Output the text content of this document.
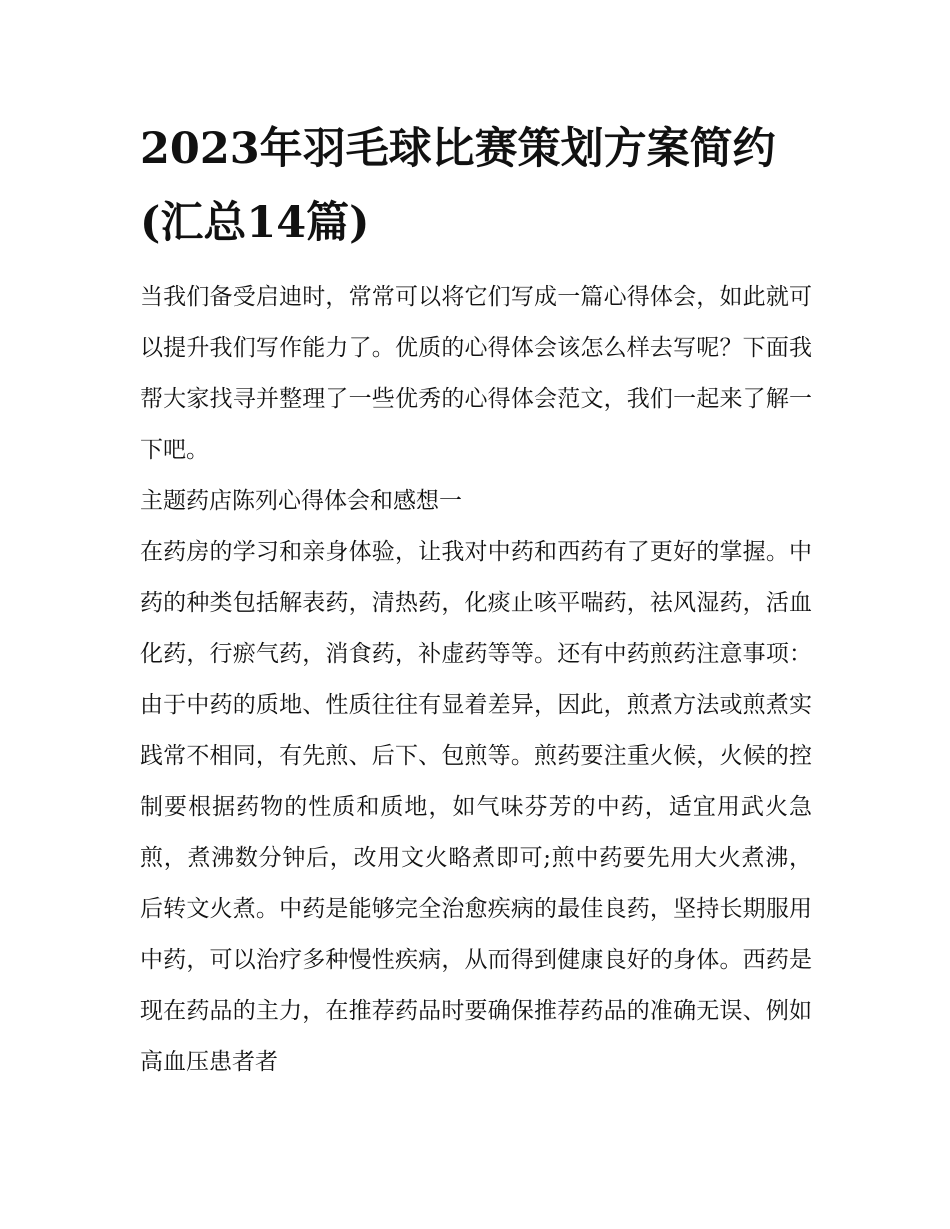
2023年羽毛球比赛策划方案简约(汇总14篇)

当我们备受启迪时，常常可以将它们写成一篇心得体会，如此就可以提升我们写作能力了。优质的心得体会该怎么样去写呢？下面我帮大家找寻并整理了一些优秀的心得体会范文，我们一起来了解一下吧。

主题药店陈列心得体会和感想一

在药房的学习和亲身体验，让我对中药和西药有了更好的掌握。中药的种类包括解表药，清热药，化痰止咳平喘药，祛风湿药，活血化药，行瘀气药，消食药，补虚药等等。还有中药煎药注意事项：由于中药的质地、性质往往有显着差异，因此，煎煮方法或煎煮实践常不相同，有先煎、后下、包煎等。煎药要注重火候，火候的控制要根据药物的性质和质地，如气味芬芳的中药，适宜用武火急煎，煮沸数分钟后，改用文火略煮即可;煎中药要先用大火煮沸，后转文火煮。中药是能够完全治愈疾病的最佳良药，坚持长期服用中药，可以治疗多种慢性疾病，从而得到健康良好的身体。西药是现在药品的主力，在推荐药品时要确保推荐药品的准确无误、例如高血压患者者
